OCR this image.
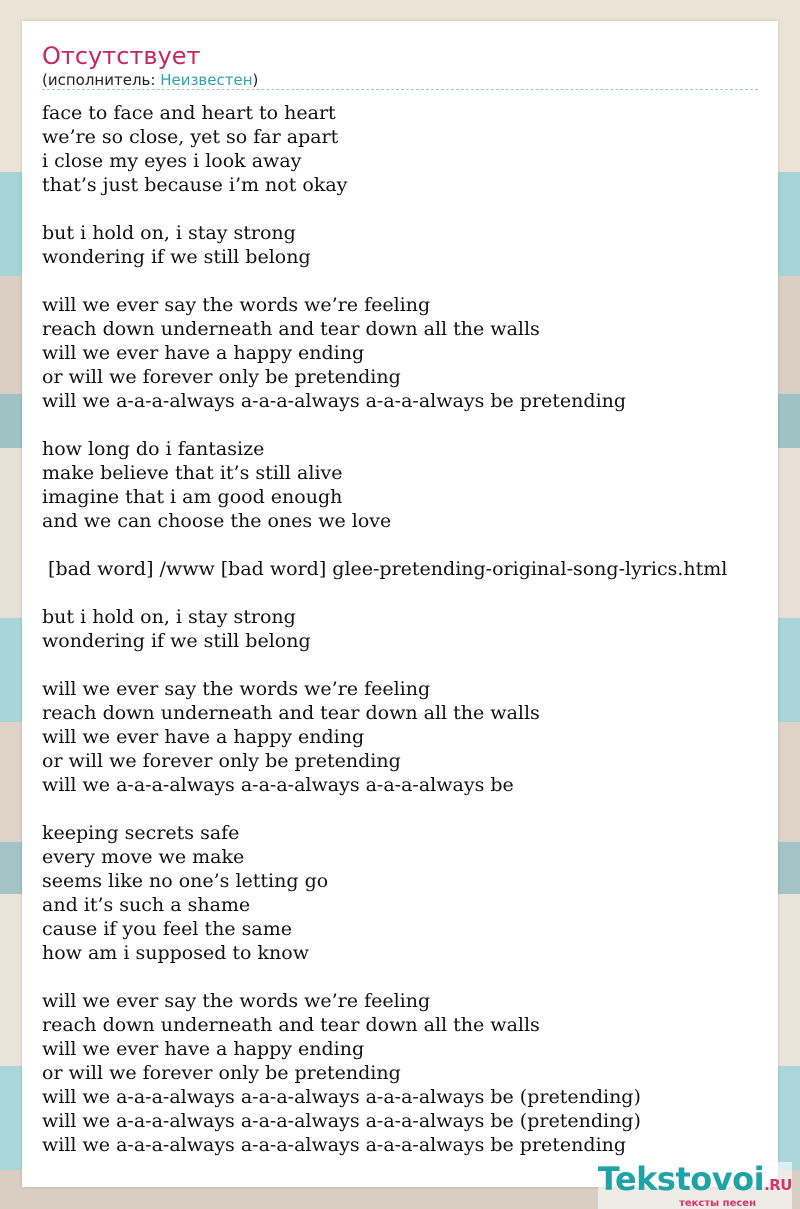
Отсутствует
(исполнитель: Неизвестен)
face to face and heart to heart
we’re so close, yet so far apart
i close my eyes i look away
that’s just because i’m not okay
but i hold on, i stay strong
wondering if we still belong
will we ever say the words we’re feeling
reach down underneath and tear down all the walls
will we ever have a happy ending
or will we forever only be pretending
will we a-a-a-always a-a-a-always a-a-a-always be pretending
how long do i fantasize
make believe that it’s still alive
imagine that i am good enough
and we can choose the ones we love
[bad word] /www [bad word] glee-pretending-original-song-lyrics.html
but i hold on, i stay strong
wondering if we still belong
will we ever say the words we’re feeling
reach down underneath and tear down all the walls
will we ever have a happy ending
or will we forever only be pretending
will we a-a-a-always a-a-a-always a-a-a-always be
keeping secrets safe
every move we make
seems like no one’s letting go
and it’s such a shame
cause if you feel the same
how am i supposed to know
will we ever say the words we’re feeling
reach down underneath and tear down all the walls
will we ever have a happy ending
or will we forever only be pretending
will we a-a-a-always a-a-a-always a-a-a-always be (pretending)
will we a-a-a-always a-a-a-always a-a-a-always be (pretending)
will we a-a-a-always a-a-a-always a-a-a-always be pretending
Tekstovoi.RU
тексты песен
